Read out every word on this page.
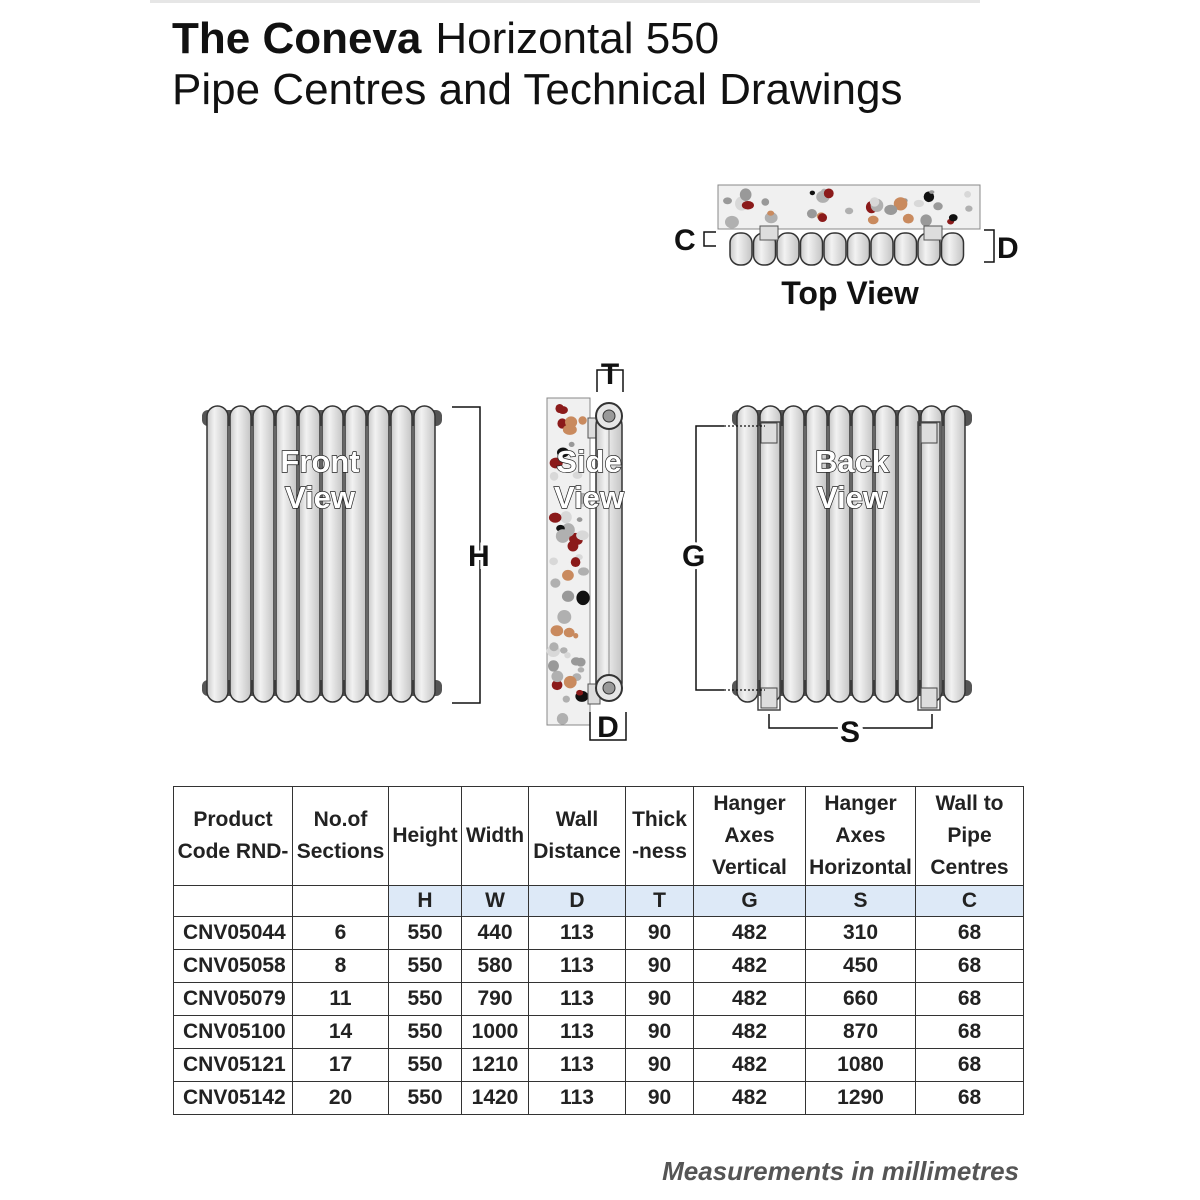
The Coneva Horizontal 550
Pipe Centres and Technical Drawings
C	D
Top View
Front
View
H
T
D
Side
View
G
S
Back
View
Product Code RND-	No.of Sections	Height	Width	Wall Distance	Thick -ness	Hanger Axes Vertical	Hanger Axes Horizontal	Wall to Pipe Centres
		H	W	D	T	G	S	C
CNV05044	6	550	440	113	90	482	310	68
CNV05058	8	550	580	113	90	482	450	68
CNV05079	11	550	790	113	90	482	660	68
CNV05100	14	550	1000	113	90	482	870	68
CNV05121	17	550	1210	113	90	482	1080	68
CNV05142	20	550	1420	113	90	482	1290	68
Measurements in millimetres
